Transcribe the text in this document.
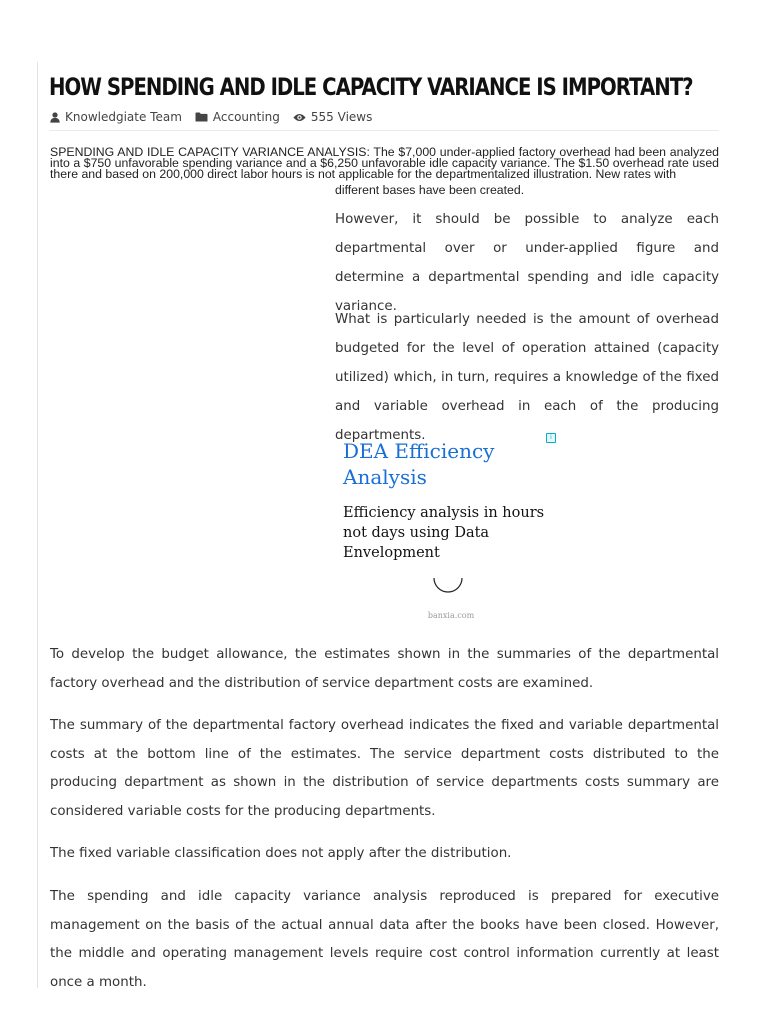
HOW SPENDING AND IDLE CAPACITY VARIANCE IS IMPORTANT?
Knowledgiate Team	Accounting	555 Views
SPENDING AND IDLE CAPACITY VARIANCE ANALYSIS: The $7,000 under-applied factory overhead had been analyzed into a $750 unfavorable spending variance and a $6,250 unfavorable idle capacity variance. The $1.50 overhead rate used there and based on 200,000 direct labor hours is not applicable for the departmentalized illustration. New rates with
different bases have been created.

However, it should be possible to analyze each departmental over or under-applied figure and determine a departmental spending and idle capacity variance.

What is particularly needed is the amount of overhead budgeted for the level of operation attained (capacity utilized) which, in turn, requires a knowledge of the fixed and variable overhead in each of the producing departments.	i
DEA Efficiency Analysis
Efficiency analysis in hours not days using Data Envelopment
banxia.com

To develop the budget allowance, the estimates shown in the summaries of the departmental factory overhead and the distribution of service department costs are examined.

The summary of the departmental factory overhead indicates the fixed and variable departmental costs at the bottom line of the estimates. The service department costs distributed to the producing department as shown in the distribution of service departments costs summary are considered variable costs for the producing departments.

The fixed variable classification does not apply after the distribution.

The spending and idle capacity variance analysis reproduced is prepared for executive management on the basis of the actual annual data after the books have been closed. However, the middle and operating management levels require cost control information currently at least once a month.
